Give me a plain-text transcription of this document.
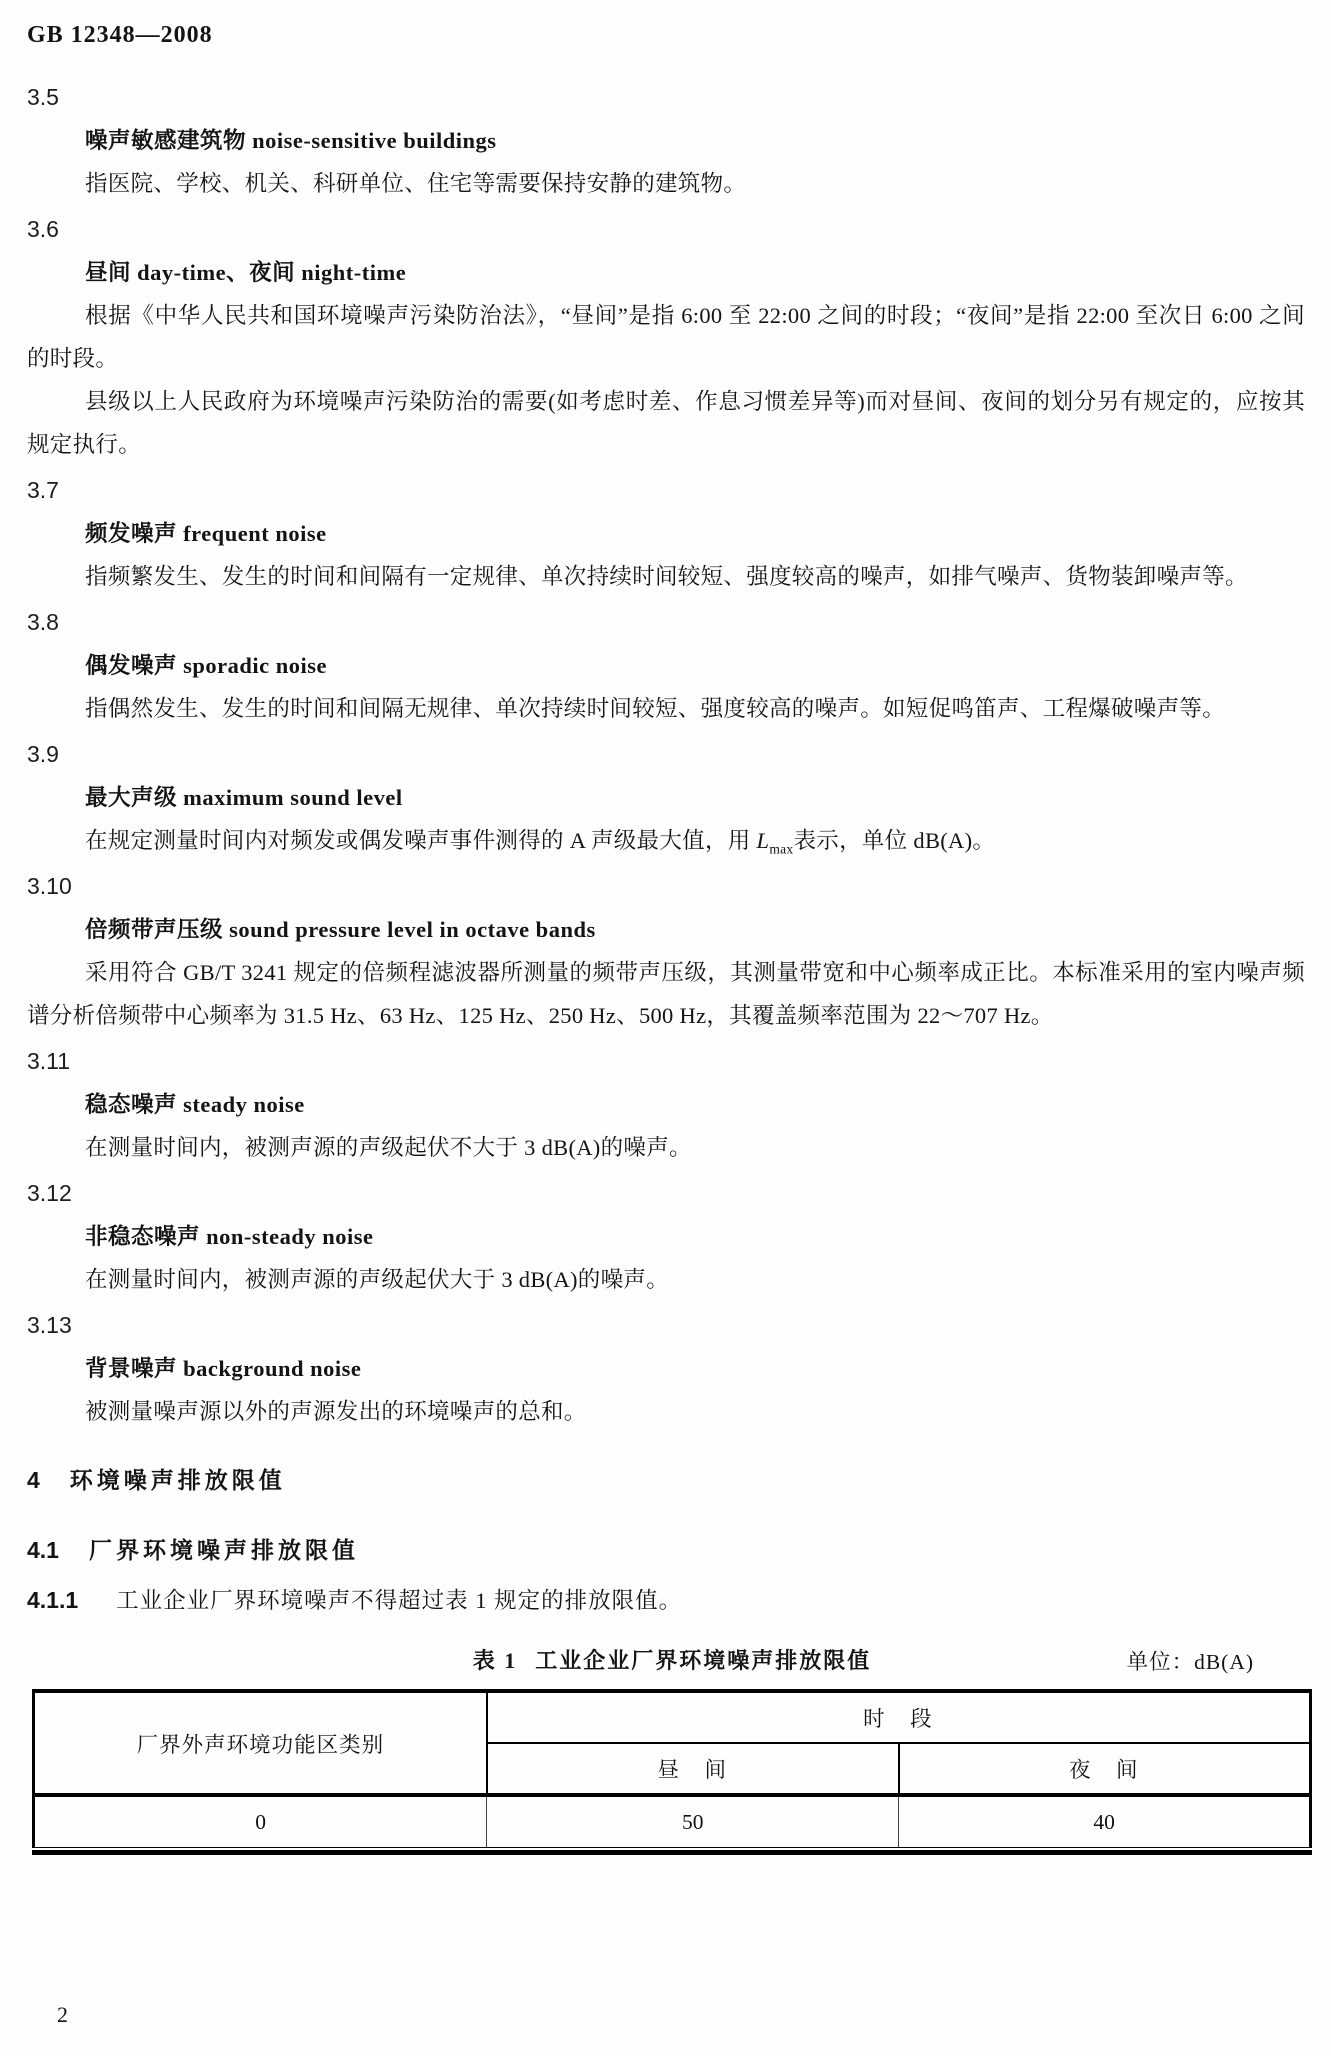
GB 12348—2008
3.5
噪声敏感建筑物 noise-sensitive buildings
指医院、学校、机关、科研单位、住宅等需要保持安静的建筑物。
3.6
昼间 day-time、夜间 night-time
根据《中华人民共和国环境噪声污染防治法》，“昼间”是指 6:00 至 22:00 之间的时段；“夜间”是指 22:00 至次日 6:00 之间的时段。
县级以上人民政府为环境噪声污染防治的需要(如考虑时差、作息习惯差异等)而对昼间、夜间的划分另有规定的，应按其规定执行。
3.7
频发噪声 frequent noise
指频繁发生、发生的时间和间隔有一定规律、单次持续时间较短、强度较高的噪声，如排气噪声、货物装卸噪声等。
3.8
偶发噪声 sporadic noise
指偶然发生、发生的时间和间隔无规律、单次持续时间较短、强度较高的噪声。如短促鸣笛声、工程爆破噪声等。
3.9
最大声级 maximum sound level
在规定测量时间内对频发或偶发噪声事件测得的 A 声级最大值，用 $L_{max}$表示，单位 dB(A)。
3.10
倍频带声压级 sound pressure level in octave bands
采用符合 GB/T 3241 规定的倍频程滤波器所测量的频带声压级，其测量带宽和中心频率成正比。本标准采用的室内噪声频谱分析倍频带中心频率为 31.5 Hz、63 Hz、125 Hz、250 Hz、500 Hz，其覆盖频率范围为 22～707 Hz。
3.11
稳态噪声 steady noise
在测量时间内，被测声源的声级起伏不大于 3 dB(A)的噪声。
3.12
非稳态噪声 non-steady noise
在测量时间内，被测声源的声级起伏大于 3 dB(A)的噪声。
3.13
背景噪声 background noise
被测量噪声源以外的声源发出的环境噪声的总和。
4 环境噪声排放限值
4.1 厂界环境噪声排放限值
4.1.1 工业企业厂界环境噪声不得超过表 1 规定的排放限值。
表 1 工业企业厂界环境噪声排放限值	单位：dB(A)
厂界外声环境功能区类别	时　段	
	昼　间	夜　间
0	50	40
2
